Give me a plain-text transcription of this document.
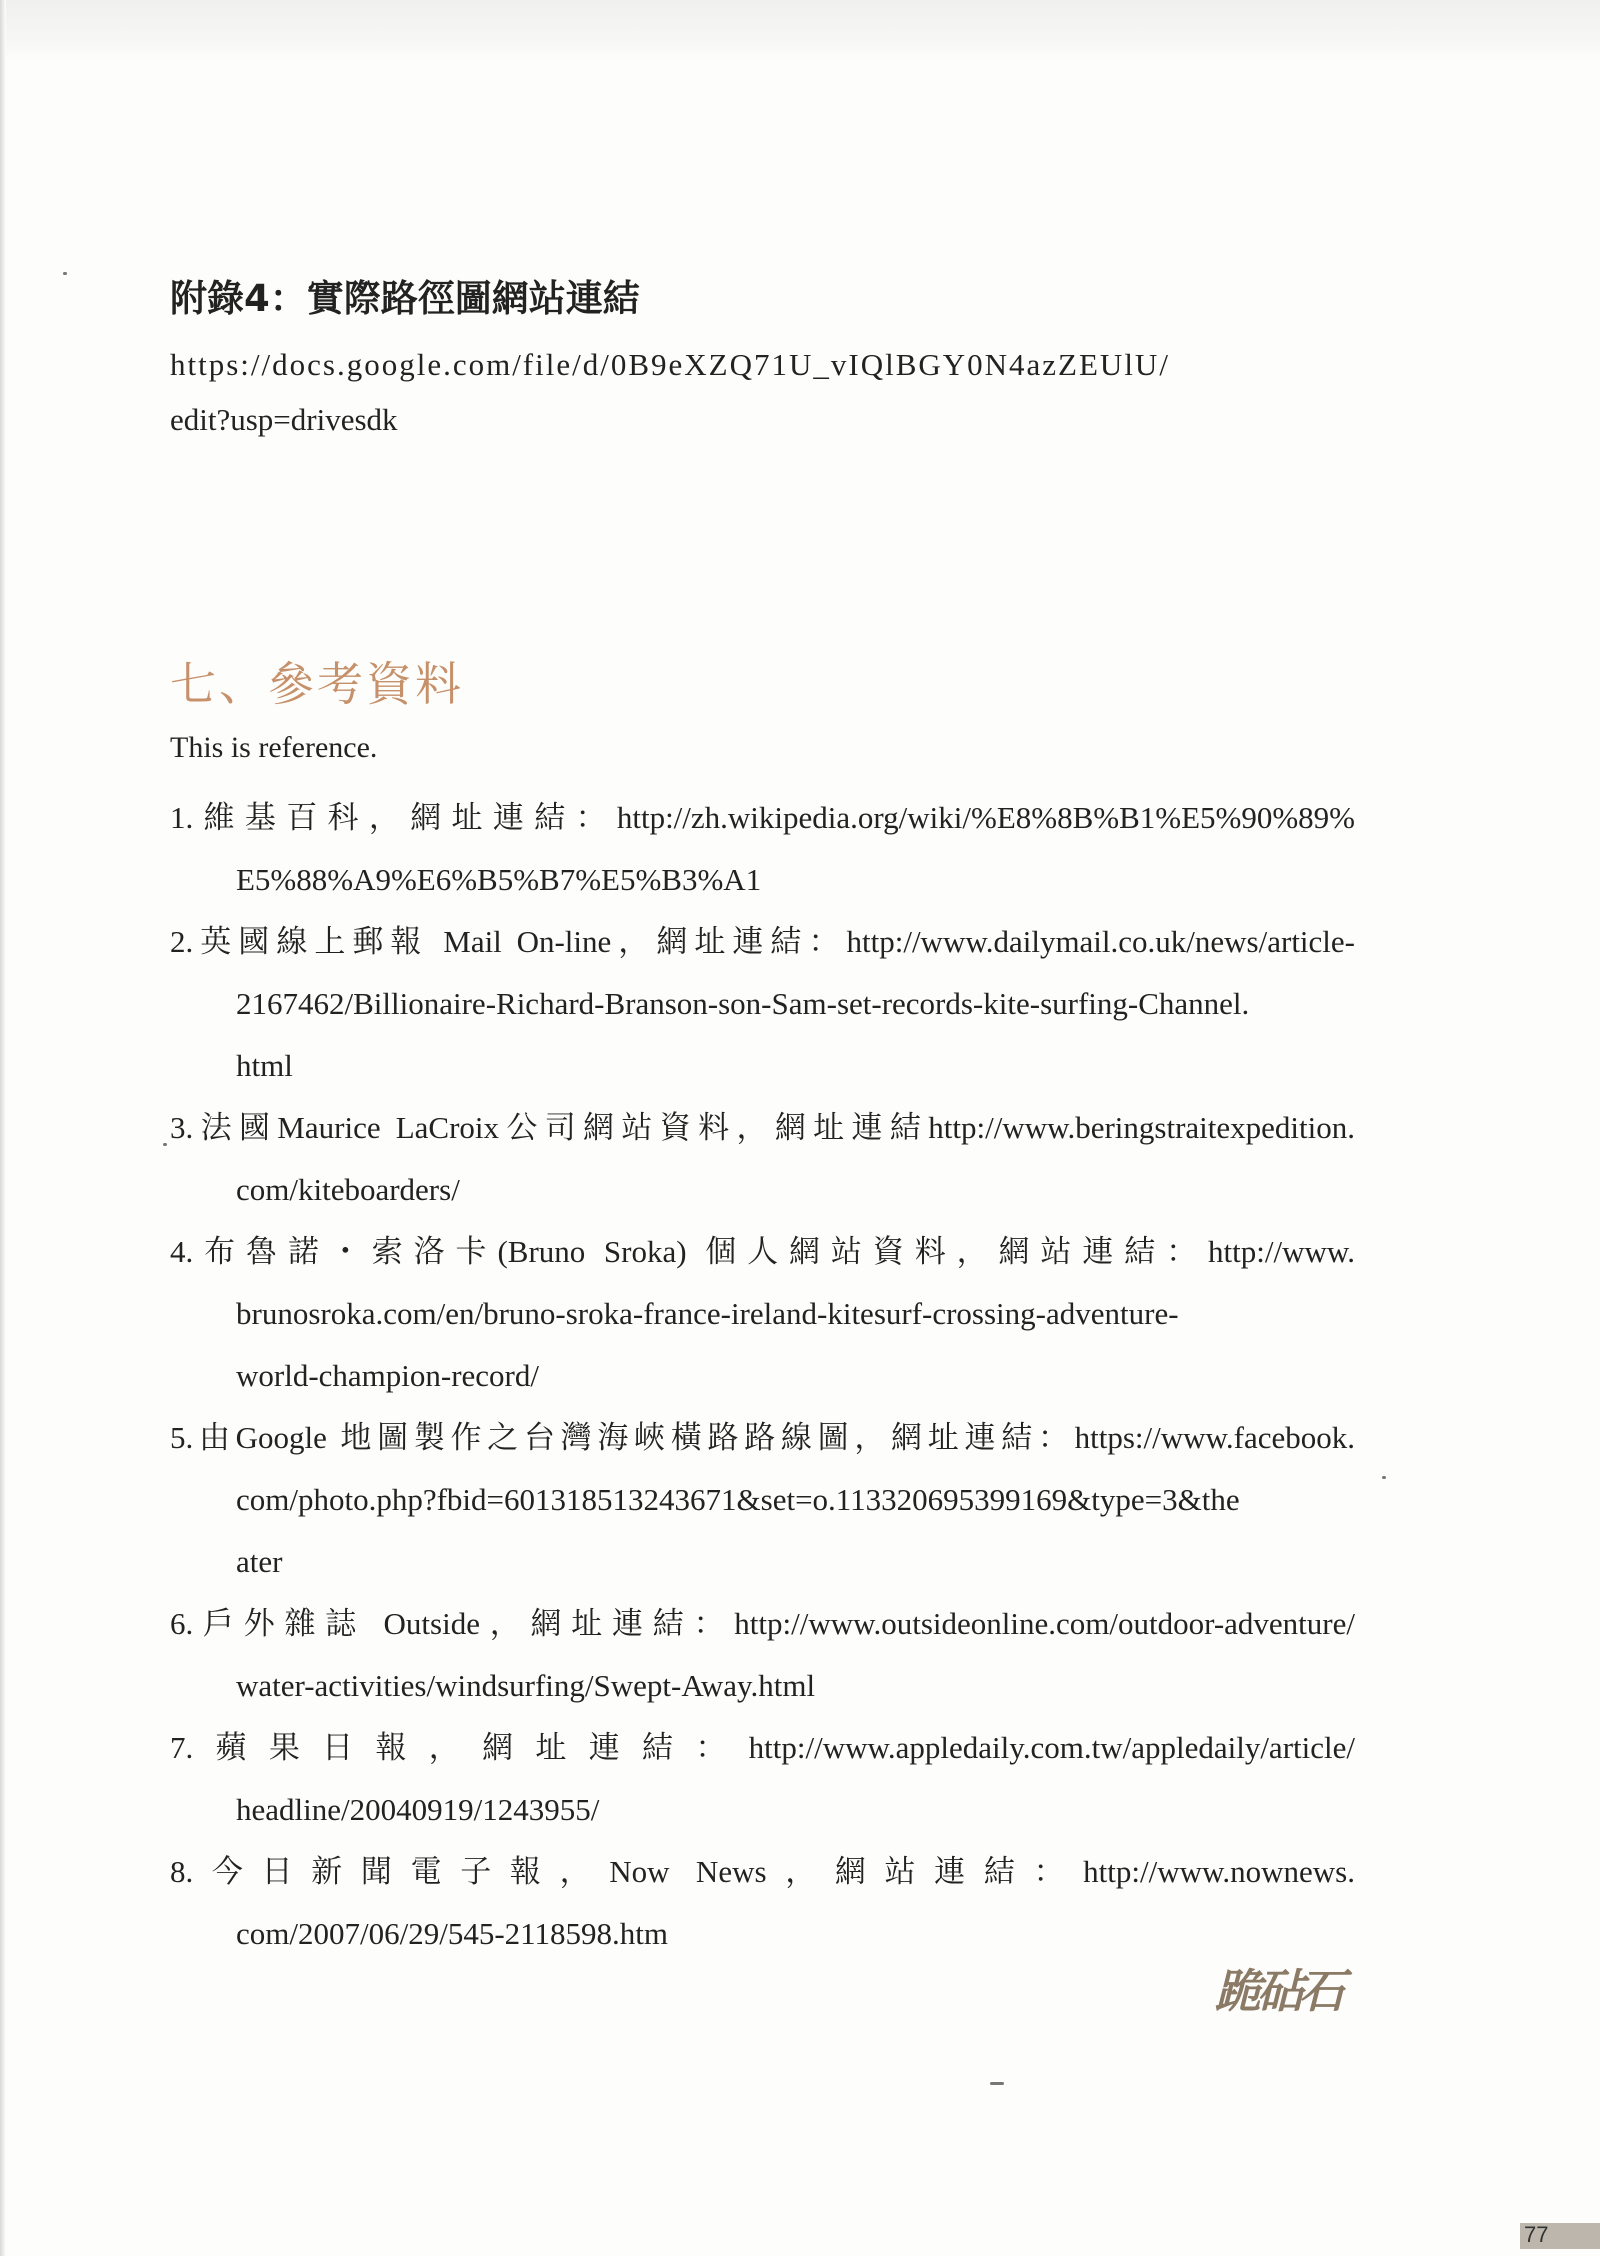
附錄4：實際路徑圖網站連結
https://docs.google.com/file/d/0B9eXZQ71U_vIQlBGY0N4azZEUlU/
edit?usp=drivesdk
七、參考資料
This is reference.
1.維基百科，網址連結：http://zh.wikipedia.org/wiki/%E8%8B%B1%E5%90%89%
E5%88%A9%E6%B5%B7%E5%B3%A1
2.英國線上郵報 Mail On-line，網址連結：http://www.dailymail.co.uk/news/article-
2167462/Billionaire-Richard-Branson-son-Sam-set-records-kite-surfing-Channel.
html
3.法國Maurice LaCroix公司網站資料，網址連結http://www.beringstraitexpedition.
com/kiteboarders/
4.布魯諾・索洛卡(Bruno Sroka) 個人網站資料，網站連結：http://www.
brunosroka.com/en/bruno-sroka-france-ireland-kitesurf-crossing-adventure-
world-champion-record/
5.由Google 地圖製作之台灣海峽橫路路線圖，網址連結：https://www.facebook.
com/photo.php?fbid=601318513243671&set=o.113320695399169&type=3&the
ater
6.戶外雜誌 Outside，網址連結：http://www.outsideonline.com/outdoor-adventure/
water-activities/windsurfing/Swept-Away.html
7.蘋果日報，網址連結：http://www.appledaily.com.tw/appledaily/article/
headline/20040919/1243955/
8.今日新聞電子報，Now News，網站連結：http://www.nownews.
com/2007/06/29/545-2118598.htm
跪砧石
77
